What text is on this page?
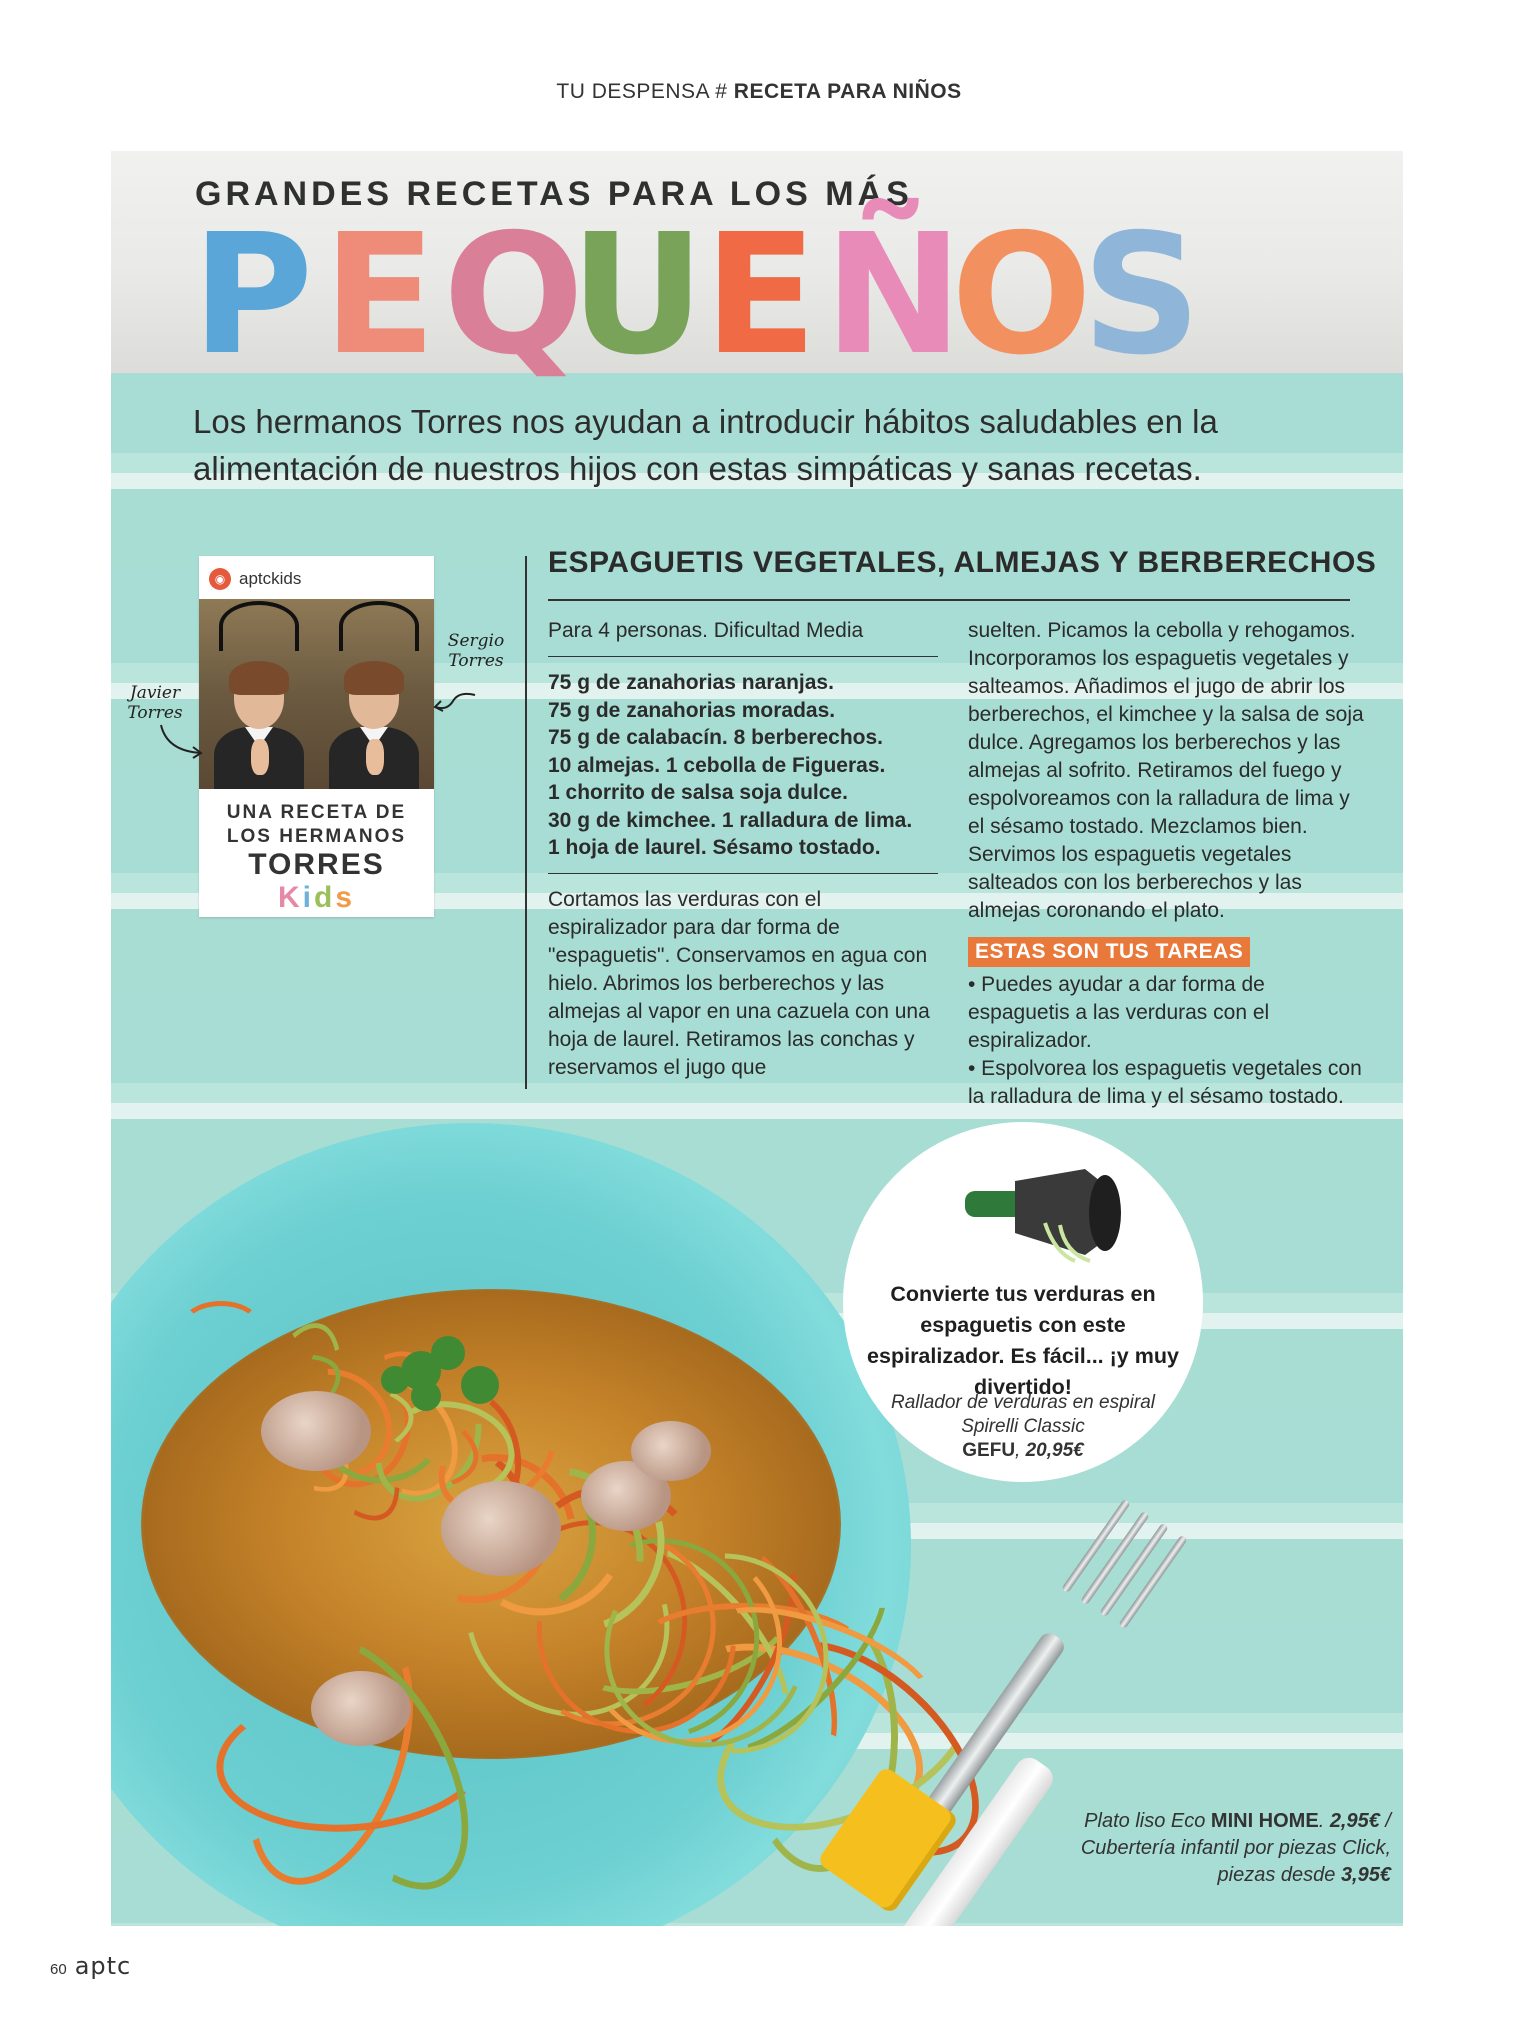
TU DESPENSA # RECETA PARA NIÑOS
GRANDES RECETAS PARA LOS MÁS
P E Q
U E Ñ
O
S
Los hermanos Torres nos ayudan a introducir hábitos saludables en la alimentación de nuestros hijos con estas simpáticas y sanas recetas.
◉ aptckids
UNA RECETA DE
LOS HERMANOS
TORRES
Kids
Javier Torres
Sergio Torres
ESPAGUETIS VEGETALES, ALMEJAS Y BERBERECHOS
Para 4 personas. Dificultad Media
75 g de zanahorias naranjas.
75 g de zanahorias moradas.
75 g de calabacín. 8 berberechos.
10 almejas. 1 cebolla de Figueras.
1 chorrito de salsa soja dulce.
30 g de kimchee. 1 ralladura de lima.
1 hoja de laurel. Sésamo tostado.
Cortamos las verduras con el espiralizador para dar forma de "espaguetis". Conservamos en agua con hielo. Abrimos los berberechos y las almejas al vapor en una cazuela con una hoja de laurel. Retiramos las conchas y reservamos el jugo que
suelten. Picamos la cebolla y rehogamos. Incorporamos los espaguetis vegetales y salteamos. Añadimos el jugo de abrir los berberechos, el kimchee y la salsa de soja dulce. Agregamos los berberechos y las almejas al sofrito. Retiramos del fuego y espolvoreamos con la ralladura de lima y el sésamo tostado. Mezclamos bien. Servimos los espaguetis vegetales salteados con los berberechos y las almejas coronando el plato.
ESTAS SON TUS TAREAS
• Puedes ayudar a dar forma de espaguetis a las verduras con el espiralizador.
• Espolvorea los espaguetis vegetales con la ralladura de lima y el sésamo tostado.
Convierte tus verduras en espaguetis con este espiralizador. Es fácil... ¡y muy divertido!
Rallador de verduras en espiral Spirelli Classic
GEFU, 20,95€
Plato liso Eco MINI HOME. 2,95€ / Cubertería infantil por piezas Click, piezas desde 3,95€
60 aptc
